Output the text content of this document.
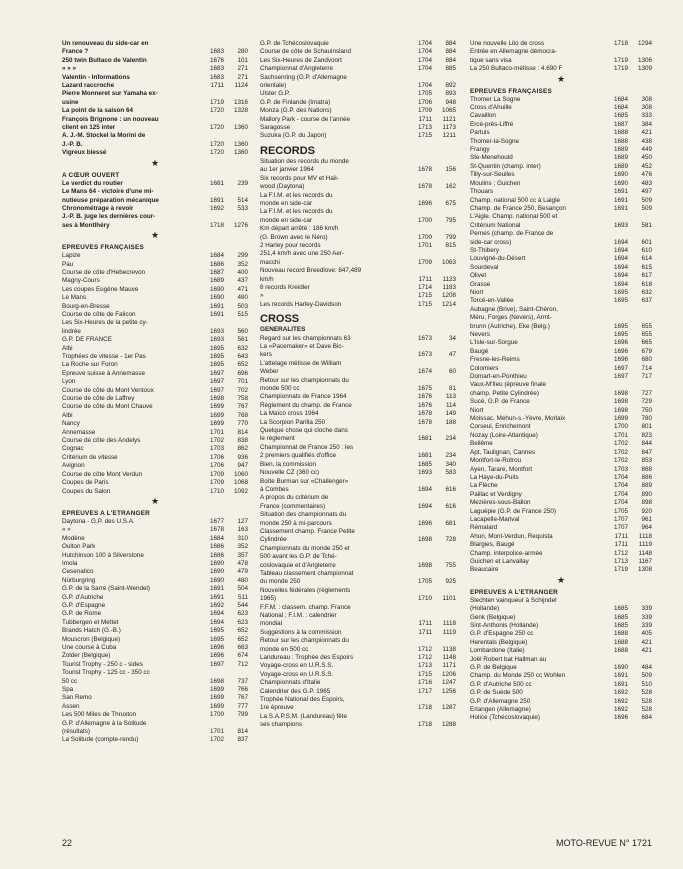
Un renouveau du side-car en
France ?	1683	280
250 twin Bultaco de Valentin	1676	101
» » »	1683	271
Valentin - Informations	1683	271
Lazard raccroche	1711	1124
Pierre Monneret sur Yamaha ex-
usine	1719	1316
La point de la saison 64	1720	1328
François Brignone : un nouveau
client en 125 inter	1720	1360
A. J.-M. Stockel la Morini de
J.-P. B.	1720	1360
Vigreux blessé	1720	1360
★
A CŒUR OUVERT
Le verdict du routier	1681	239
Le Mans 64 - victoire d'une mi-
nutieuse préparation mécanique	1691	514
Chronométrage à revoir	1692	533
J.-P. B. juge les dernières cour-
ses à Montlhéry	1718	1276
★
EPREUVES FRANÇAISES
Lapize	1684	299
Pau	1686	352
Course de côte d'Hebecrevon	1687	400
Magny-Cours	1689	437
Les coupes Eugène Mauve	1690	471
Le Mans	1690	480
Bourg-en-Bresse	1691	503
Course de côte de Falicon	1691	515
Les Six-Heures de la petite cy-
lindrée	1693	560
G.P. DE FRANCE	1693	561
Albi	1695	632
Trophées de vitesse - 1er Pas	1695	643
La Roche sur Foron	1695	652
Epreuve suisse à Annemasse	1697	696
Lyon	1697	701
Course de côte du Mont Ventoux	1697	702
Course de côte de Laffrey	1698	758
Course de côte du Mont Chauve	1699	767
Albi	1699	768
Nancy	1699	770
Annemasse	1701	814
Course de côte des Andelys	1702	838
Cognac	1703	862
Critérium de vitesse	1706	936
Avignon	1706	947
Course de côte Mont Verdun	1709	1060
Coupes de Paris	1709	1068
Coupes du Salon	1710	1092
★
EPREUVES A L'ETRANGER
Daytona - G.P. des U.S.A.	1677	127
» »	1678	163
Modène	1684	310
Oulton Park	1686	352
Hutchinson 100 à Silverstone	1686	357
Imola	1690	478
Cesenatico	1690	479
Nürburgring	1690	480
G.P. de la Sarre (Saint-Wendel)	1691	504
G.P. d'Autriche	1691	511
G.P. d'Espagne	1692	544
G.P. de Rome	1694	623
Tubbergen et Mettet	1694	623
Brands Hatch (G.-B.)	1695	652
Mouscron (Belgique)	1695	652
Une course à Cuba	1696	663
Zolder (Belgique)	1696	674
Tourist Trophy - 250 c - sides	1697	712
Tourist Trophy - 125 cc - 350 cc
50 cc	1698	737
Spa	1699	766
San Remo	1699	767
Assen	1699	777
Les 500 Miles de Thruxton	1700	799
G.P. d'Allemagne à la Solitude
(résultats)	1701	814
La Solitude (compte-rendu)	1702	837
G.P. de Tchécoslovaquie	1704	884
Course de côte de Schauinsland	1704	884
Les Six-Heures de Zandvoort	1704	884
Championnat d'Angleterre	1704	885
Sachsenring (G.P. d'Allemagne
orientale)	1704	892
Ulster G.P.	1705	893
G.P. de Finlande (Imatra)	1706	948
Monza (G.P. des Nations)	1709	1065
Mallory Park - course de l'année	1711	1121
Saragosse	1713	1173
Suzuka (G.P. du Japon)	1715	1211
RECORDS
Situation des records du monde
au 1er janvier 1964	1678	156
Six records pour MV et Hail-
wood (Daytona)	1678	162
La F.I.M. et les records du
monde en side-car	1696	675
La F.I.M. et les records du
monde en side-car	1700	795
Km départ arrêté : 186 km/h
(G. Brown avec le Néro)	1700	799
2 Harley pour records	1701	815
251,4 km/h avec une 250 Aer-
macchi	1709	1063
Nouveau record Breedlove: 847,489
km/h	1711	1123
8 records Kreidler	1714	1183
»	1715	1208
Les records Harley-Davidson	1715	1214
CROSS
GENERALITES
Regard sur les championnats 63	1673	34
La «Pacemaker» et Dave Bic-
kers	1673	47
L'attelage métisse de William
Weber	1674	60
Retour sur les championnats du
monde 500 cc	1675	81
Championnats de France 1964	1676	113
Règlement du champ. de France	1676	114
La Maïco cross 1964	1678	149
La Scorpion Parilla 250	1678	188
Quelque chose qui cloche dans
le règlement	1681	234
Championnat de France 250 : les
2 premiers qualifiés d'office	1681	234
Bien, la commission	1685	340
Nouvelle CZ (360 cc)	1693	583
Boîte Burman sur «Challenger»
à Combes	1694	616
A propos du critérium de
France (commentaires)	1694	616
Situation des championnats du
monde 250 à mi-parcours	1696	681
Classement champ. France Petite
Cylindrée	1698	728
Championnats du monde 250 et
500 avant les G.P. de Tché-
coslovaquie et d'Angleterre	1698	755
Tableau classement championnat
du monde 250	1705	925
Nouvelles fédérales (règlements
1965)	1710	1101
F.F.M. : classem. champ. France
National ; F.I.M. : calendrier
mondial	1711	1118
Suggestions à la commission	1711	1119
Retour sur les championnats du
monde en 500 cc	1712	1138
Landureau : Trophée des Espoirs	1712	1148
Voyage-cross en U.R.S.S.	1713	1171
Voyage-cross en U.R.S.S.	1715	1206
Championnats d'Italie	1716	1247
Calendrier des G.P. 1965	1717	1256
Trophée National des Espoirs,
1re épreuve	1718	1287
La S.A.P.S.M. (Landureau) fête
ses champions	1718	1288
Une nouvelle Lito de cross	1718	1294
Entrée en Allemagne démocra-
tique sans visa	1719	1306
La 250 Bultaco-métisse : 4.690 F	1719	1309
★
EPREUVES FRANÇAISES
Thomer La Sogne	1684	308
Cross d'Ahuille	1684	308
Cavaillon	1685	333
Ercé-près-Liffré	1687	384
Partuis	1688	421
Thomer-la-Sogne	1688	438
Frangy	1689	449
Ste-Menehould	1689	450
St-Quentin (champ. inter)	1689	452
Tilly-sur-Seulles	1690	476
Moulins ; Guichen	1690	483
Thouars	1691	497
Champ. national 500 cc à Laigle	1691	509
Champ. de France 250, Besançon	1691	509
L'Aigle. Champ. national 500 et
Critérium National	1693	581
Pernes (champ. de France de
side-car cross)	1694	601
St-Thibery	1694	610
Louvigné-du-Désert	1694	614
Sourdeval	1694	615
Olivet	1694	617
Grasse	1694	618
Niort	1695	632
Torcé-en-Vallée	1695	637
Aubagne (Brive), Saint-Chéron,
Méru, Forges (Nevers), Armt-
brunn (Autriche), Eke (Belg.)	1695	655
Nevers	1695	655
L'Isle-sur-Sorgue	1696	665
Baugé	1696	679
Fresne-les-Reims	1696	680
Colomiers	1697	714
Domart-en-Ponthieu	1697	717
Vaux-M'Ileu (épreuve finale
champ. Petite Cylindrée)	1698	727
Sucé, G.P. de France	1698	729
Niort	1698	750
Moissac, Mehun-s.-Yèvre, Morlaix	1699	780
Corseul, Enrichemont	1700	801
Nozay (Loire-Atlantique)	1701	823
Bellême	1702	844
Apt, Taulignan, Cannes	1702	847
Montfort-le-Rotrou	1702	853
Ayen, Tarare, Montfort	1703	868
La Haye-du-Puits	1704	886
La Flèche	1704	889
Paillac et Verdigny	1704	890
Mezières-sous-Ballon	1704	898
Laguépie (G.P. de France 250)	1705	920
Lacapelle-Marival	1707	961
Rémalard	1707	964
Ahun, Mont-Verdun, Requista	1711	1118
Blargies, Baugé	1711	1119
Champ. interpolice-armée	1712	1148
Guichen et Lanvallay	1713	1167
Beaucaire	1719	1308
★
EPREUVES A L'ETRANGER
Slechten vainqueur à Schijndel
(Hollande)	1685	339
Genk (Belgique)	1685	339
Sint-Anthonis (Hollande)	1685	339
G.P. d'Espagne 250 cc	1688	405
Herentals (Belgique)	1688	421
Lombardone (Italie)	1688	421
Joël Robert bat Hallman au
G.P. de Belgique	1690	484
Champ. du Monde 250 cc Wohlen	1691	509
G.P. d'Autriche 500 cc	1691	510
G.P. de Suède 500	1692	528
G.P. d'Allemagne 250	1692	528
Erlangen (Allemagne)	1692	528
Holice (Tchécoslovaquie)	1696	684
22	MOTO-REVUE N° 1721
